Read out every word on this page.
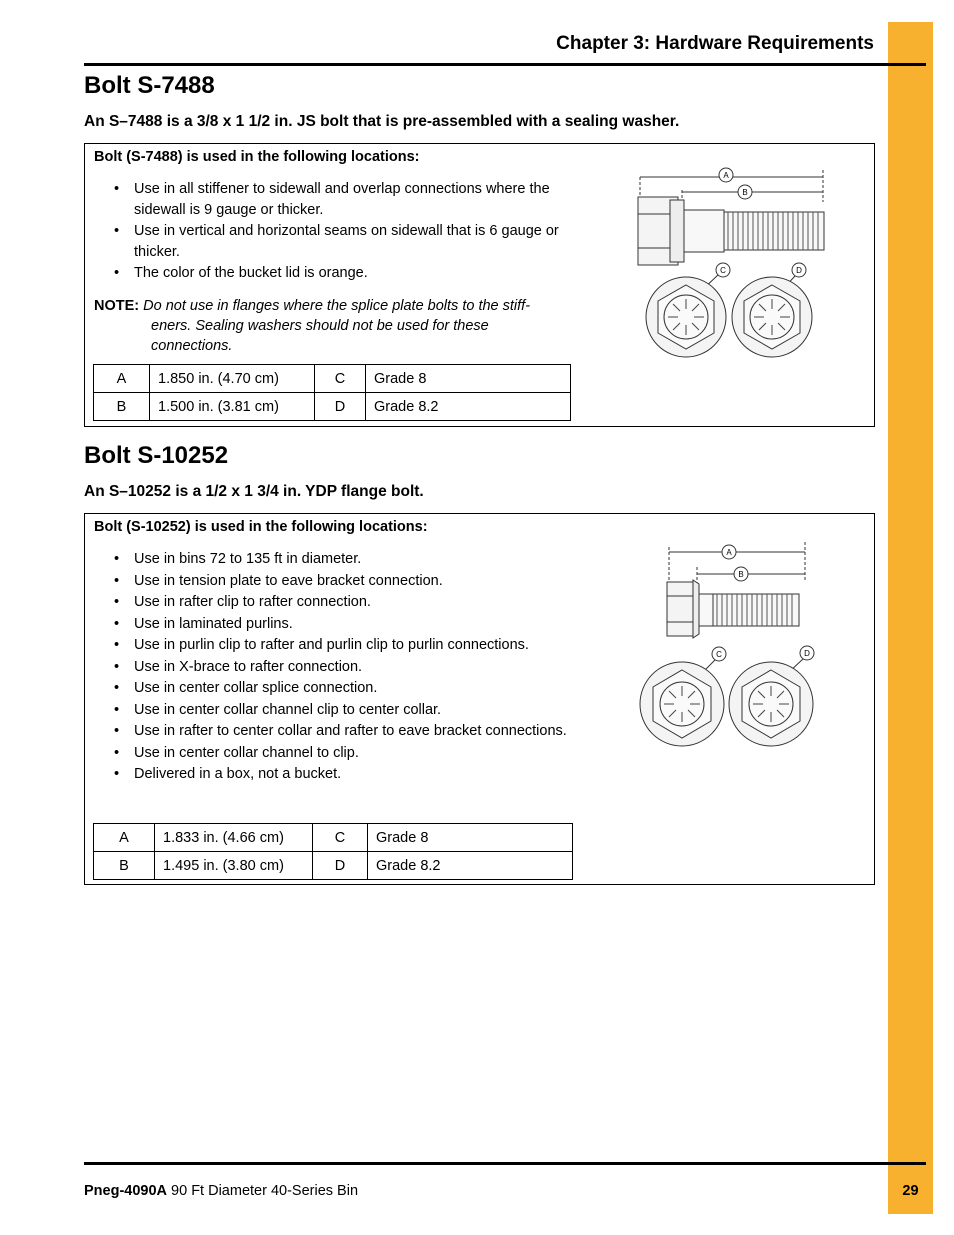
Chapter 3: Hardware Requirements
Bolt S-7488

An S–7488 is a 3/8 x 1 1/2 in. JS bolt that is pre-assembled with a sealing washer.

Bolt (S-7488) is used in the following locations:
• Use in all stiffener to sidewall and overlap connections where the sidewall is 9 gauge or thicker.
• Use in vertical and horizontal seams on sidewall that is 6 gauge or thicker.
• The color of the bucket lid is orange.
NOTE: Do not use in flanges where the splice plate bolts to the stiff-
eners. Sealing washers should not be used for these connections.
A	1.850 in. (4.70 cm)	C	Grade 8
B	1.500 in. (3.81 cm)	D	Grade 8.2
A
B
C	D
Bolt S-10252

An S–10252 is a 1/2 x 1 3/4 in. YDP flange bolt.

Bolt (S-10252) is used in the following locations:
• Use in bins 72 to 135 ft in diameter.
• Use in tension plate to eave bracket connection.
• Use in rafter clip to rafter connection.
• Use in laminated purlins.
• Use in purlin clip to rafter and purlin clip to purlin connections.
• Use in X-brace to rafter connection.
• Use in center collar splice connection.
• Use in center collar channel clip to center collar.
• Use in rafter to center collar and rafter to eave bracket connections.
• Use in center collar channel to clip.
• Delivered in a box, not a bucket.
A	1.833 in. (4.66 cm)	C	Grade 8
B	1.495 in. (3.80 cm)	D	Grade 8.2
A
B
C	D
Pneg-4090A 90 Ft Diameter 40-Series Bin	29
